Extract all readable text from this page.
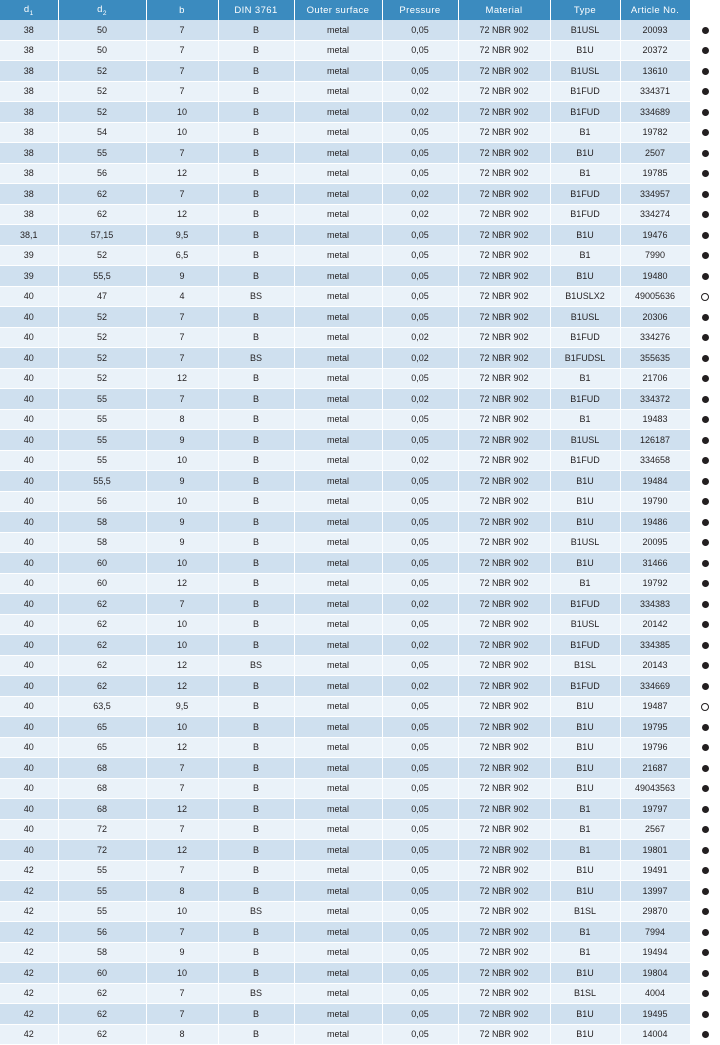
$d_1$	$d_2$	b	DIN 3761	Outer surface	Pressure	Material	Type	Article No.	
38	50	7	B	metal	0,05	72 NBR 902	B1USL	20093	
38	50	7	B	metal	0,05	72 NBR 902	B1U	20372	
38	52	7	B	metal	0,05	72 NBR 902	B1USL	13610	
38	52	7	B	metal	0,02	72 NBR 902	B1FUD	334371	
38	52	10	B	metal	0,02	72 NBR 902	B1FUD	334689	
38	54	10	B	metal	0,05	72 NBR 902	B1	19782	
38	55	7	B	metal	0,05	72 NBR 902	B1U	2507	
38	56	12	B	metal	0,05	72 NBR 902	B1	19785	
38	62	7	B	metal	0,02	72 NBR 902	B1FUD	334957	
38	62	12	B	metal	0,02	72 NBR 902	B1FUD	334274	
38,1	57,15	9,5	B	metal	0,05	72 NBR 902	B1U	19476	
39	52	6,5	B	metal	0,05	72 NBR 902	B1	7990	
39	55,5	9	B	metal	0,05	72 NBR 902	B1U	19480	
40	47	4	BS	metal	0,05	72 NBR 902	B1USLX2	49005636	
40	52	7	B	metal	0,05	72 NBR 902	B1USL	20306	
40	52	7	B	metal	0,02	72 NBR 902	B1FUD	334276	
40	52	7	BS	metal	0,02	72 NBR 902	B1FUDSL	355635	
40	52	12	B	metal	0,05	72 NBR 902	B1	21706	
40	55	7	B	metal	0,02	72 NBR 902	B1FUD	334372	
40	55	8	B	metal	0,05	72 NBR 902	B1	19483	
40	55	9	B	metal	0,05	72 NBR 902	B1USL	126187	
40	55	10	B	metal	0,02	72 NBR 902	B1FUD	334658	
40	55,5	9	B	metal	0,05	72 NBR 902	B1U	19484	
40	56	10	B	metal	0,05	72 NBR 902	B1U	19790	
40	58	9	B	metal	0,05	72 NBR 902	B1U	19486	
40	58	9	B	metal	0,05	72 NBR 902	B1USL	20095	
40	60	10	B	metal	0,05	72 NBR 902	B1U	31466	
40	60	12	B	metal	0,05	72 NBR 902	B1	19792	
40	62	7	B	metal	0,02	72 NBR 902	B1FUD	334383	
40	62	10	B	metal	0,05	72 NBR 902	B1USL	20142	
40	62	10	B	metal	0,02	72 NBR 902	B1FUD	334385	
40	62	12	BS	metal	0,05	72 NBR 902	B1SL	20143	
40	62	12	B	metal	0,02	72 NBR 902	B1FUD	334669	
40	63,5	9,5	B	metal	0,05	72 NBR 902	B1U	19487	
40	65	10	B	metal	0,05	72 NBR 902	B1U	19795	
40	65	12	B	metal	0,05	72 NBR 902	B1U	19796	
40	68	7	B	metal	0,05	72 NBR 902	B1U	21687	
40	68	7	B	metal	0,05	72 NBR 902	B1U	49043563	
40	68	12	B	metal	0,05	72 NBR 902	B1	19797	
40	72	7	B	metal	0,05	72 NBR 902	B1	2567	
40	72	12	B	metal	0,05	72 NBR 902	B1	19801	
42	55	7	B	metal	0,05	72 NBR 902	B1U	19491	
42	55	8	B	metal	0,05	72 NBR 902	B1U	13997	
42	55	10	BS	metal	0,05	72 NBR 902	B1SL	29870	
42	56	7	B	metal	0,05	72 NBR 902	B1	7994	
42	58	9	B	metal	0,05	72 NBR 902	B1	19494	
42	60	10	B	metal	0,05	72 NBR 902	B1U	19804	
42	62	7	BS	metal	0,05	72 NBR 902	B1SL	4004	
42	62	7	B	metal	0,05	72 NBR 902	B1U	19495	
42	62	8	B	metal	0,05	72 NBR 902	B1U	14004	
